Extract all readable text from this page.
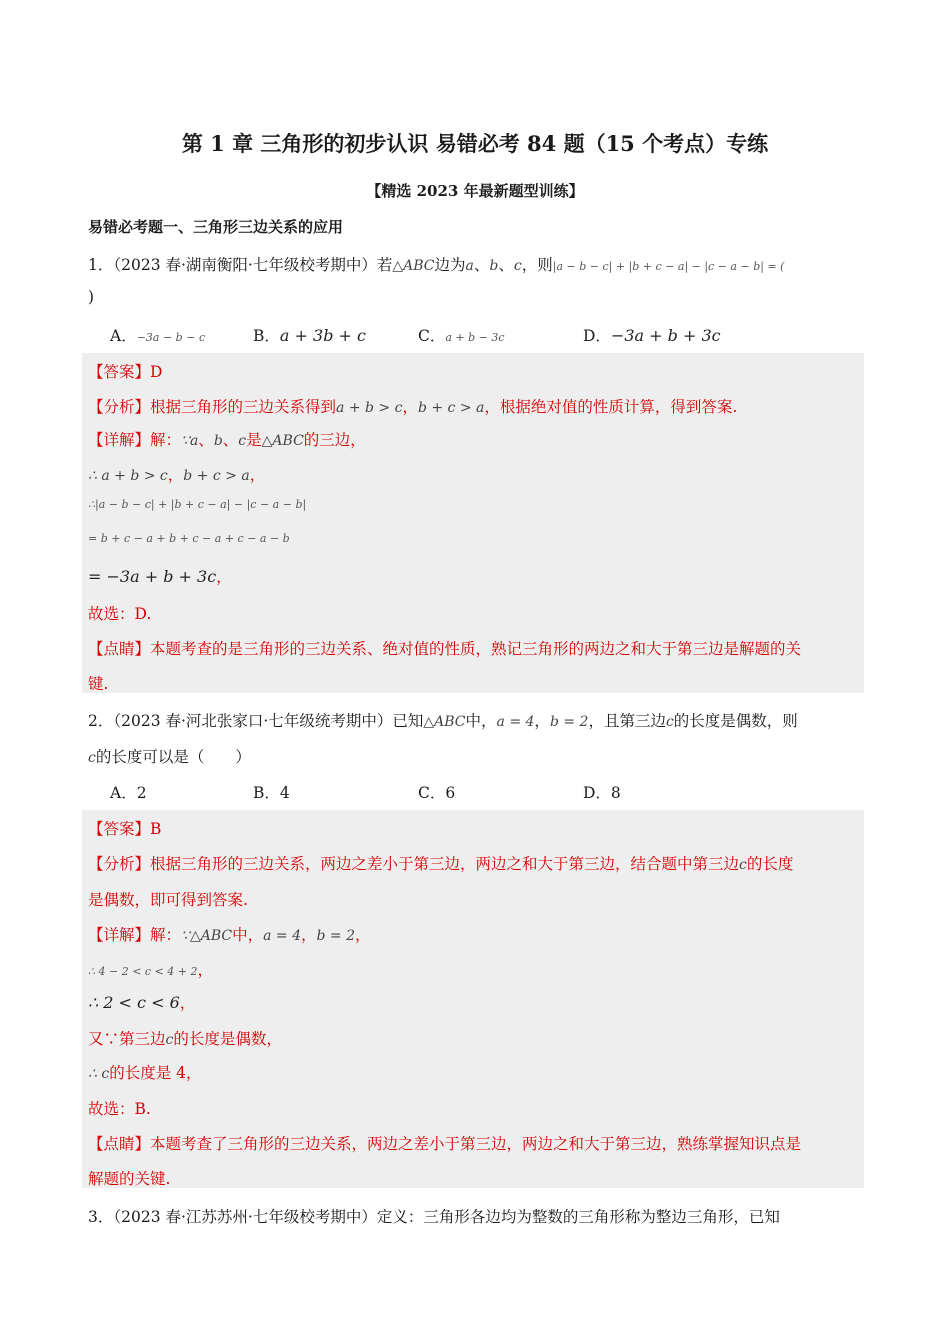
第 1 章 三角形的初步认识 易错必考 84 题（15 个考点）专练
【精选 2023 年最新题型训练】
易错必考题一、三角形三边关系的应用
1．（2023 春·湖南衡阳·七年级校考期中）若△ABC边为a、b、c，则|a − b − c| + |b + c − a| − |c − a − b| = (
)
A．−3a − b − c	B．a + 3b + c	C．a + b − 3c	D．−3a + b + 3c
【答案】D
【分析】根据三角形的三边关系得到a + b > c，b + c > a，根据绝对值的性质计算，得到答案.
【详解】解：∵a、b、c是△ABC的三边，
∴ a + b > c，b + c > a，
∴|a − b − c| + |b + c − a| − |c − a − b|
= b + c − a + b + c − a + c − a − b
= −3a + b + 3c，
故选：D.
【点睛】本题考查的是三角形的三边关系、绝对值的性质，熟记三角形的两边之和大于第三边是解题的关
键.
2．（2023 春·河北张家口·七年级统考期中）已知△ABC中，a = 4，b = 2，且第三边c的长度是偶数，则
c的长度可以是（　　）
A．2	B．4	C．6	D．8
【答案】B
【分析】根据三角形的三边关系，两边之差小于第三边，两边之和大于第三边，结合题中第三边c的长度
是偶数，即可得到答案.
【详解】解：∵△ABC中，a = 4，b = 2，
∴ 4 − 2 < c < 4 + 2，
∴ 2 < c < 6，
又∵第三边c的长度是偶数，
∴ c的长度是 4，
故选：B.
【点睛】本题考查了三角形的三边关系，两边之差小于第三边，两边之和大于第三边，熟练掌握知识点是
解题的关键.
3．（2023 春·江苏苏州·七年级校考期中）定义：三角形各边均为整数的三角形称为整边三角形，已知
